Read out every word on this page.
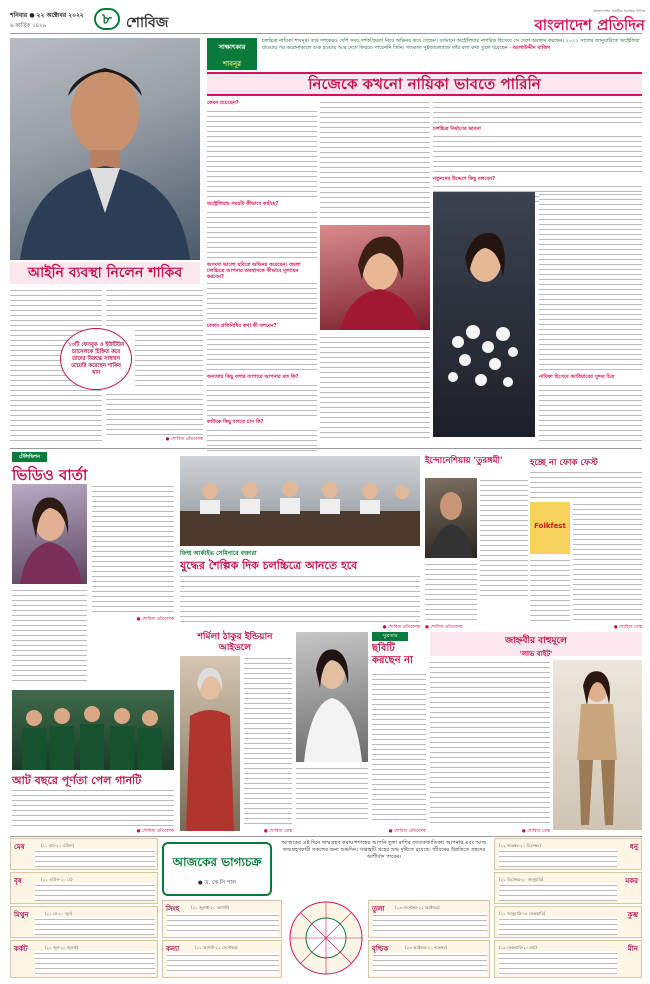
শনিবার ● ২২ অক্টোবর ২০২২
৬ কার্তিক ১৪২৯	৮	শোবিজ
বাংলাদেশের সর্বাধিক প্রচারিত দৈনিক
বাংলাদেশ প্রতিদিন
সাক্ষাৎকার
শাবনূর
চলচ্চিত্র নায়িকা শাবনূর। তার দশকেরও বেশি সময় দর্শকপ্রিয়তা নিয়ে অভিনয় করে গেছেন। বর্তমানে অস্ট্রেলিয়ার নাগরিক হিসেবে সে দেশে অবস্থান করছেন। ২০২২ সালের জানুয়ারিতে অস্ট্রেলিয়া যাওয়ার পর করোনাকালে শুরু হওয়ায় আর দেশে ফিরতে পারেননি তিনি। গতকাল সুইজারল্যান্ডে তাঁর বলা কথা তুলে ধরেছেন - আলাউদ্দীন মাজিদ
নিজেকে কখনো নায়িকা ভাবতে পারিনি
কেমন রয়েছেন?
অস্ট্রেলিয়ায় সময়টা কীভাবে কাটছে?
অসংখ্য ভালো ছবিতে অভিনয় করেছেন। বাংলা চলচ্চিত্রে আপনার অবস্থানকে কীভাবে মূল্যায়ন করবেন?
ঢাকার প্রতিনিধির কথা কী বলবেন?
অন্যথায় কিছু বলার ব্যাপারে আপনার মত কি?
কাউকে কিছু বলতে চান কি?
চলচ্চিত্র নির্মাণের ভাবনা
নতুনদের উদ্দেশে কিছু বলবেন?
নায়িকা হিসেবে ক্যারিয়ারের সুন্দর চিত্র
আইনি ব্যবস্থা নিলেন শাকিব
১৩টি ফেসবুক ও ইউটিউব চ্যানেলকে চিহ্নিত করে তাদের বিরুদ্ধে সাধারণ ডায়েরি করেছেন শাকিব খান
● শোবিজ প্রতিবেদক
টেলিভিশন
ভিডিও বার্তা
● শোবিজ প্রতিবেদক
ফিল্ম আর্কাইভ সেমিনারে বক্তারা
যুদ্ধের শৈল্পিক দিক চলচ্চিত্রে আনতে হবে
● শোবিজ প্রতিবেদক
ইন্দোনেশিয়ায় 'তুরঙ্গমী'
● শোবিজ প্রতিবেদক
হচ্ছে না ফোক ফেস্ট
Folkfest
● শোবিজ ডেস্ক
আট বছরে পূর্ণতা পেল গানটি
● শোবিজ প্রতিবেদক
শর্মিলা ঠাকুর ইন্ডিয়ান আইডলে
● শোবিজ ডেস্ক
সুব্রতার
ছবিটি করছেন না
● শোবিজ প্রতিবেদক
জাহ্নবীর বাহুমূলে
'লাভ বাইট'
● শোবিজ ডেস্ক
মেষ	(২১ মার্চ-২০ এপ্রিল)
বৃষ	(২১ এপ্রিল-২০ মে)
মিথুন	(২১ মে-২০ জুন)
কর্কট	(২১ জুন-২০ জুলাই)
আজকের ভাগ্যচক্র
● ড. কে সি পাল
আজকের এই দিনে জন্মগ্রহণ করায় শশাঙ্কের আপনি তুলা রাশির জাতকজাতিকা। আপনার এবং আজ জন্মগ্রহণকারী সকলের জন্য শুভদিন। সপ্তাহটি গ্রহের শুভ দৃষ্টিতে রয়েছে। জীবনের উন্নতিতে গ্রহদের আশীর্বাদ পাবেন।
সিংহ	(২১ জুলাই-২০ আগস্ট)
কন্যা	(২১ আগস্ট-২২ সেপ্টেম্বর)
তুলা	(২৩ সেপ্টেম্বর-২২ অক্টোবর)
বৃশ্চিক	(২৩ অক্টোবর-২১ নভেম্বর)
ধনু
(২২ নভেম্বর-২০ ডিসেম্বর)
মকর
(২১ ডিসেম্বর-২০ জানুয়ারি)
কুম্ভ
(২১ জানুয়ারি-১৮ ফেব্রুয়ারি)
মীন
(১৯ ফেব্রুয়ারি-২০ মার্চ)
